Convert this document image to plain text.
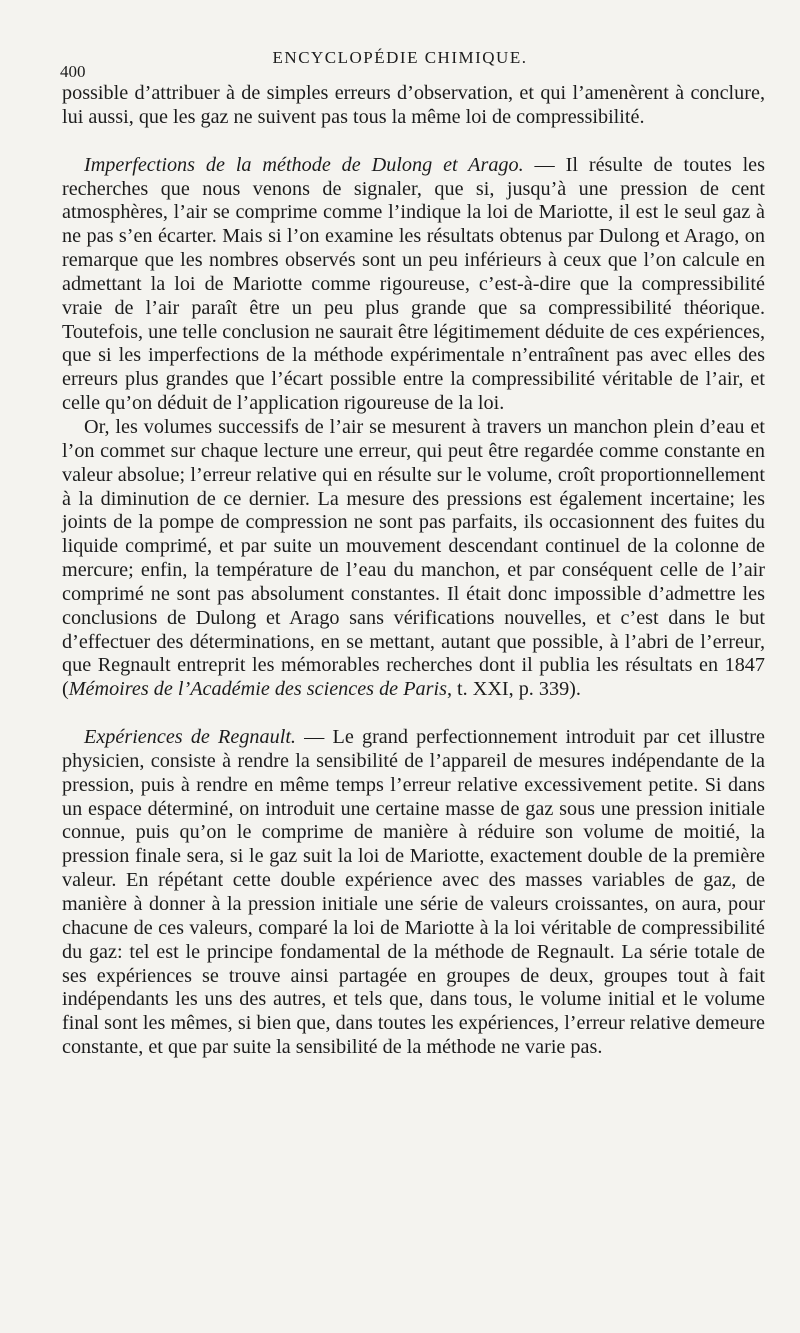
ENCYCLOPÉDIE CHIMIQUE.
400

possible d’attribuer à de simples erreurs d’observation, et qui l’amenèrent à conclure, lui aussi, que les gaz ne suivent pas tous la même loi de compressibilité.

Imperfections de la méthode de Dulong et Arago. — Il résulte de toutes les recherches que nous venons de signaler, que si, jusqu’à une pression de cent atmosphères, l’air se comprime comme l’indique la loi de Mariotte, il est le seul gaz à ne pas s’en écarter. Mais si l’on examine les résultats obtenus par Dulong et Arago, on remarque que les nombres observés sont un peu inférieurs à ceux que l’on calcule en admettant la loi de Mariotte comme rigoureuse, c’est-à-dire que la compressibilité vraie de l’air paraît être un peu plus grande que sa compressibilité théorique. Toutefois, une telle conclusion ne saurait être légitimement déduite de ces expériences, que si les imperfections de la méthode expérimentale n’entraînent pas avec elles des erreurs plus grandes que l’écart possible entre la compressibilité véritable de l’air, et celle qu’on déduit de l’application rigoureuse de la loi.

Or, les volumes successifs de l’air se mesurent à travers un manchon plein d’eau et l’on commet sur chaque lecture une erreur, qui peut être regardée comme constante en valeur absolue; l’erreur relative qui en résulte sur le volume, croît proportionnellement à la diminution de ce dernier. La mesure des pressions est également incertaine; les joints de la pompe de compression ne sont pas parfaits, ils occasionnent des fuites du liquide comprimé, et par suite un mouvement descendant continuel de la colonne de mercure; enfin, la température de l’eau du manchon, et par conséquent celle de l’air comprimé ne sont pas absolument constantes. Il était donc impossible d’admettre les conclusions de Dulong et Arago sans vérifications nouvelles, et c’est dans le but d’effectuer des déterminations, en se mettant, autant que possible, à l’abri de l’erreur, que Regnault entreprit les mémorables recherches dont il publia les résultats en 1847 (Mémoires de l’Académie des sciences de Paris, t. XXI, p. 339).

Expériences de Regnault. — Le grand perfectionnement introduit par cet illustre physicien, consiste à rendre la sensibilité de l’appareil de mesures indépendante de la pression, puis à rendre en même temps l’erreur relative excessivement petite. Si dans un espace déterminé, on introduit une certaine masse de gaz sous une pression initiale connue, puis qu’on le comprime de manière à réduire son volume de moitié, la pression finale sera, si le gaz suit la loi de Mariotte, exactement double de la première valeur. En répétant cette double expérience avec des masses variables de gaz, de manière à donner à la pression initiale une série de valeurs croissantes, on aura, pour chacune de ces valeurs, comparé la loi de Mariotte à la loi véritable de compressibilité du gaz: tel est le principe fondamental de la méthode de Regnault. La série totale de ses expériences se trouve ainsi partagée en groupes de deux, groupes tout à fait indépendants les uns des autres, et tels que, dans tous, le volume initial et le volume final sont les mêmes, si bien que, dans toutes les expériences, l’erreur relative demeure constante, et que par suite la sensibilité de la méthode ne varie pas.
